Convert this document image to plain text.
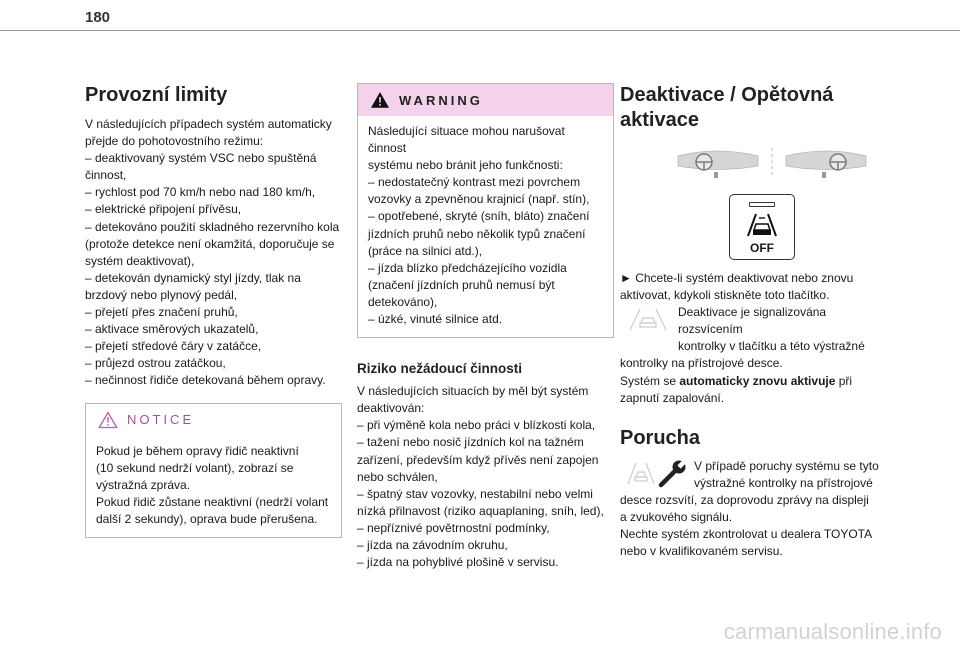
180
Provozní limity

V následujících případech systém automaticky

přejde do pohotovostního režimu:

– deaktivovaný systém VSC nebo spuštěná

činnost,

– rychlost pod 70 km/h nebo nad 180 km/h,

– elektrické připojení přívěsu,

– detekováno použití skladného rezervního kola

(protože detekce není okamžitá, doporučuje se

systém deaktivovat),

– detekován dynamický styl jízdy, tlak na

brzdový nebo plynový pedál,

– přejetí přes značení pruhů,

– aktivace směrových ukazatelů,

– přejetí středové čáry v zatáčce,

– průjezd ostrou zatáčkou,

– nečinnost řidiče detekovaná během opravy.

NOTICE

Pokud je během opravy řidič neaktivní

(10 sekund nedrží volant), zobrazí se

výstražná zpráva.

Pokud řidič zůstane neaktivní (nedrží volant

další 2 sekundy), oprava bude přerušena.

WARNING

Následující situace mohou narušovat činnost

systému nebo bránit jeho funkčnosti:

– nedostatečný kontrast mezi povrchem

vozovky a zpevněnou krajnicí (např. stín),

– opotřebené, skryté (sníh, bláto) značení

jízdních pruhů nebo několik typů značení

(práce na silnici atd.),

– jízda blízko předcházejícího vozidla

(značení jízdních pruhů nemusí být

detekováno),

– úzké, vinuté silnice atd.

Riziko nežádoucí činnosti

V následujících situacích by měl být systém

deaktivován:

– při výměně kola nebo práci v blízkosti kola,

– tažení nebo nosič jízdních kol na tažném

zařízení, především když přívěs není zapojen

nebo schválen,

– špatný stav vozovky, nestabilní nebo velmi

nízká přilnavost (riziko aquaplaning, sníh, led),

– nepříznivé povětrnostní podmínky,

– jízda na závodním okruhu,

– jízda na pohyblivé plošině v servisu.

Deaktivace / Opětovná
aktivace
OFF

► Chcete-li systém deaktivovat nebo znovu

aktivovat, kdykoli stiskněte toto tlačítko.

Deaktivace je signalizována rozsvícením

kontrolky v tlačítku a této výstražné

kontrolky na přístrojové desce.

Systém se automaticky znovu aktivuje při

zapnutí zapalování.

Porucha

V případě poruchy systému se tyto

výstražné kontrolky na přístrojové

desce rozsvítí, za doprovodu zprávy na displeji

a zvukového signálu.

Nechte systém zkontrolovat u dealera TOYOTA

nebo v kvalifikovaném servisu.

carmanualsonline.info
